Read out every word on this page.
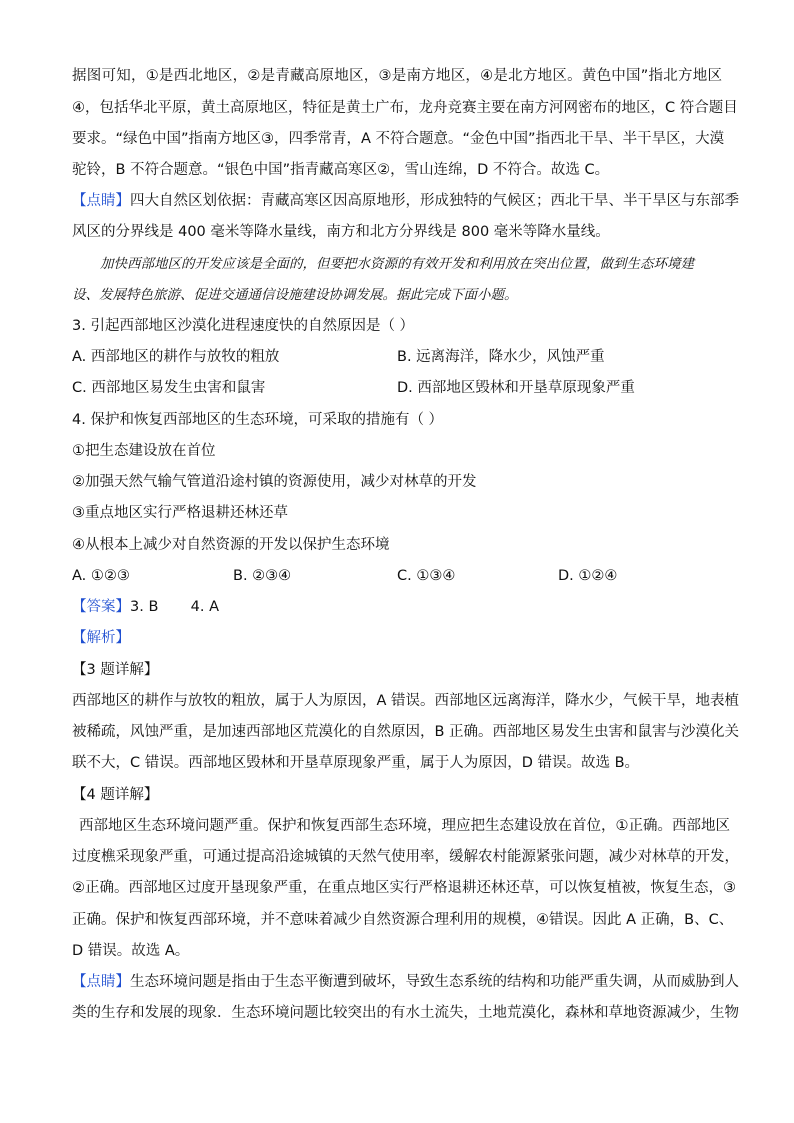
据图可知，①是西北地区，②是青藏高原地区，③是南方地区，④是北方地区。黄色中国”指北方地区
④，包括华北平原，黄土高原地区，特征是黄土广布，龙舟竞赛主要在南方河网密布的地区，C 符合题目
要求。“绿色中国”指南方地区③，四季常青，A 不符合题意。“金色中国”指西北干旱、半干旱区，大漠
驼铃，B 不符合题意。“银色中国”指青藏高寒区②，雪山连绵，D 不符合。故选 C。
【点睛】四大自然区划依据：青藏高寒区因高原地形，形成独特的气候区；西北干旱、半干旱区与东部季
风区的分界线是 400 毫米等降水量线，南方和北方分界线是 800 毫米等降水量线。
加快西部地区的开发应该是全面的，但要把水资源的有效开发和利用放在突出位置，做到生态环境建
设、发展特色旅游、促进交通通信设施建设协调发展。据此完成下面小题。
3. 引起西部地区沙漠化进程速度快的自然原因是（ ）
A. 西部地区的耕作与放牧的粗放	B. 远离海洋，降水少，风蚀严重
C. 西部地区易发生虫害和鼠害	D. 西部地区毁林和开垦草原现象严重
4. 保护和恢复西部地区的生态环境，可采取的措施有（ ）
①把生态建设放在首位
②加强天然气输气管道沿途村镇的资源使用，减少对林草的开发
③重点地区实行严格退耕还林还草
④从根本上减少对自然资源的开发以保护生态环境
A. ①②③	B. ②③④	C. ①③④	D. ①②④
【答案】3. B       4. A
【解析】
【3 题详解】
西部地区的耕作与放牧的粗放，属于人为原因，A 错误。西部地区远离海洋，降水少，气候干旱，地表植
被稀疏，风蚀严重，是加速西部地区荒漠化的自然原因，B 正确。西部地区易发生虫害和鼠害与沙漠化关
联不大，C 错误。西部地区毁林和开垦草原现象严重，属于人为原因，D 错误。故选 B。
【4 题详解】
西部地区生态环境问题严重。保护和恢复西部生态环境，理应把生态建设放在首位，①正确。西部地区
过度樵采现象严重，可通过提高沿途城镇的天然气使用率，缓解农村能源紧张问题，减少对林草的开发，
②正确。西部地区过度开垦现象严重，在重点地区实行严格退耕还林还草，可以恢复植被，恢复生态，③
正确。保护和恢复西部环境，并不意味着减少自然资源合理利用的规模，④错误。因此 A 正确，B、C、
D 错误。故选 A。
【点睛】生态环境问题是指由于生态平衡遭到破坏，导致生态系统的结构和功能严重失调，从而威胁到人
类的生存和发展的现象．生态环境问题比较突出的有水土流失，土地荒漠化，森林和草地资源减少，生物
